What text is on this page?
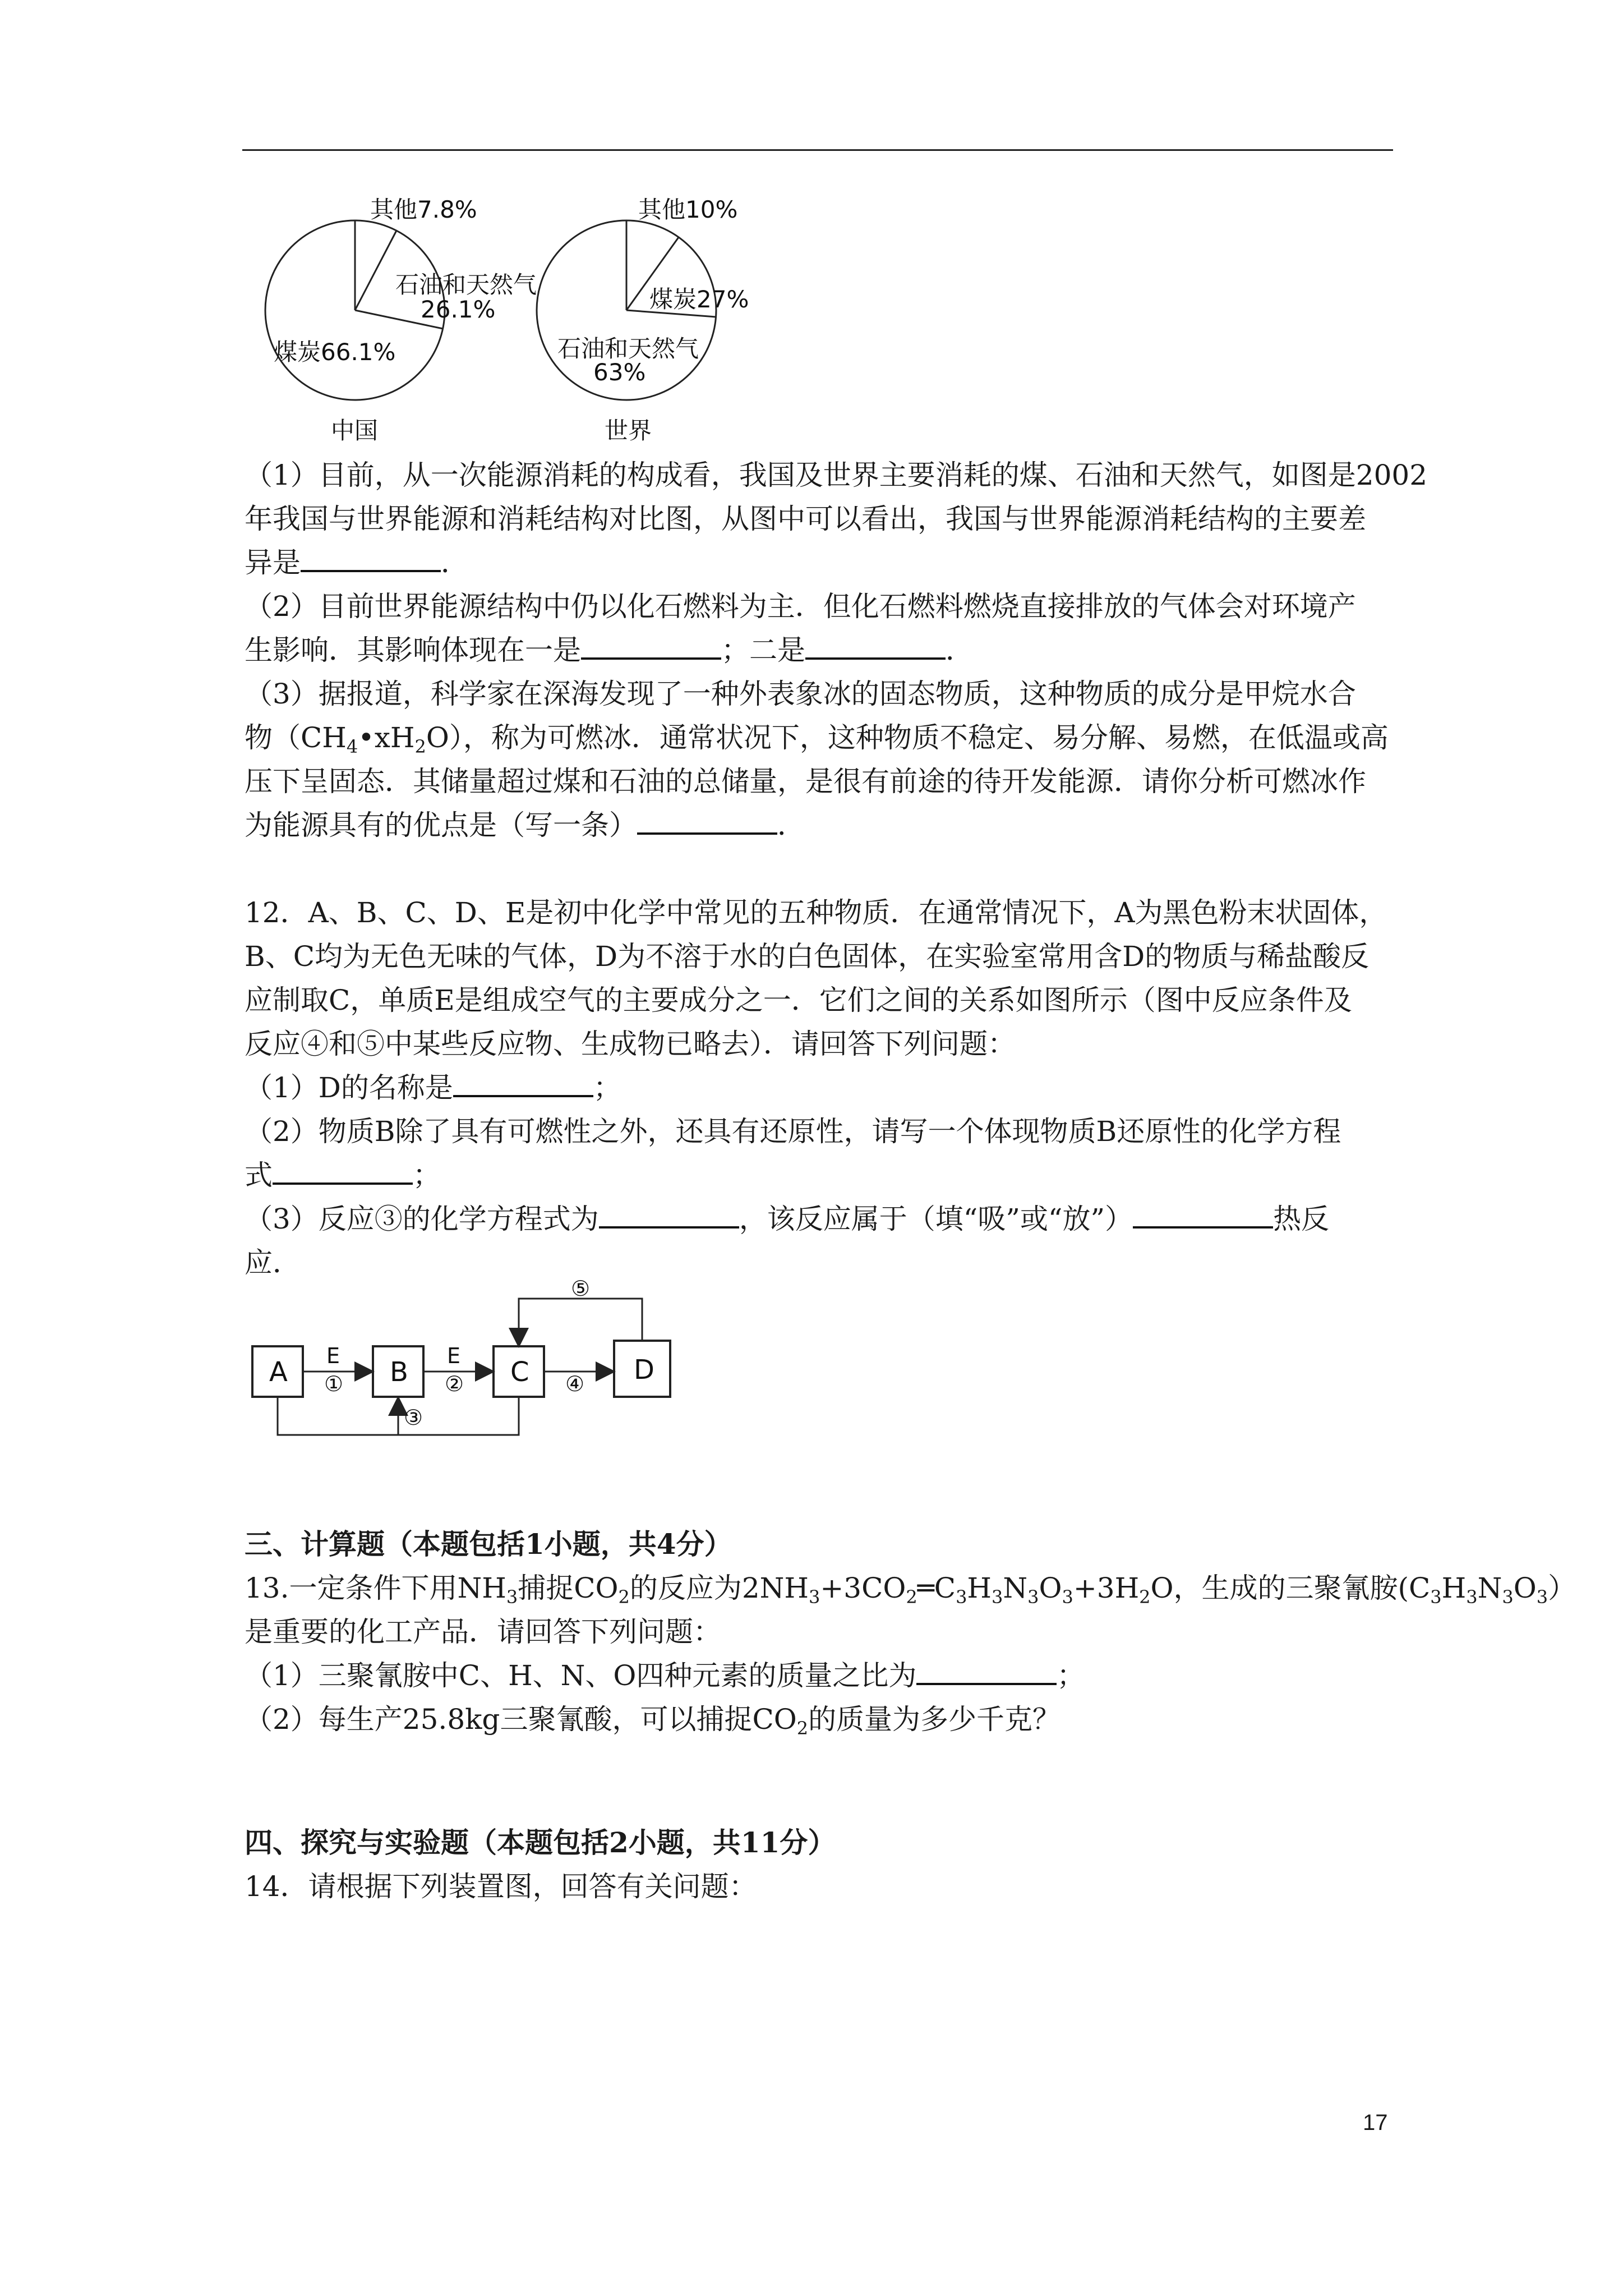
其他7.8%
石油和天然气
26.1%
煤炭66.1%
中国
其他10%
煤炭27%
石油和天然气
63%
世界

（1）目前，从一次能源消耗的构成看，我国及世界主要消耗的煤、石油和天然气，如图是2002

年我国与世界能源和消耗结构对比图，从图中可以看出，我国与世界能源消耗结构的主要差

异是	．

（2）目前世界能源结构中仍以化石燃料为主．但化石燃料燃烧直接排放的气体会对环境产

生影响．其影响体现在一是	；二是	．

（3）据报道，科学家在深海发现了一种外表象冰的固态物质，这种物质的成分是甲烷水合

物$(CH_4•xH_2O)$，称为可燃冰．通常状况下，这种物质不稳定、易分解、易燃，在低温或高

压下呈固态．其储量超过煤和石油的总储量，是很有前途的待开发能源．请你分析可燃冰作

为能源具有的优点是（写一条）	．

12．A、B、C、D、E是初中化学中常见的五种物质．在通常情况下，A为黑色粉末状固体，

B、C均为无色无味的气体，D为不溶于水的白色固体，在实验室常用含D的物质与稀盐酸反

应制取C，单质E是组成空气的主要成分之一．它们之间的关系如图所示（图中反应条件及

反应④和⑤中某些反应物、生成物已略去）．请回答下列问题：

（1）D的名称是	；

（2）物质B除了具有可燃性之外，还具有还原性，请写一个体现物质B还原性的化学方程

式	；

（3）反应③的化学方程式为	，该反应属于（填“吸”或“放”）	热反

应．

A	B	C	D
E
①
E
②	④
⑤
③

三、计算题（本题包括1小题，共4分）

13.一定条件下用$NH_3$捕捉$CO_2$的反应为$2NH_3+3CO_2═C_3H_3N_3O_3+3H_2O$，生成的三聚氰胺$(C_3H_3N_3O_3)$

是重要的化工产品．请回答下列问题：

（1）三聚氰胺中C、H、N、O四种元素的质量之比为	；

（2）每生产25.8kg三聚氰酸，可以捕捉$CO_2$的质量为多少千克？

四、探究与实验题（本题包括2小题，共11分）

14．请根据下列装置图，回答有关问题：

17
